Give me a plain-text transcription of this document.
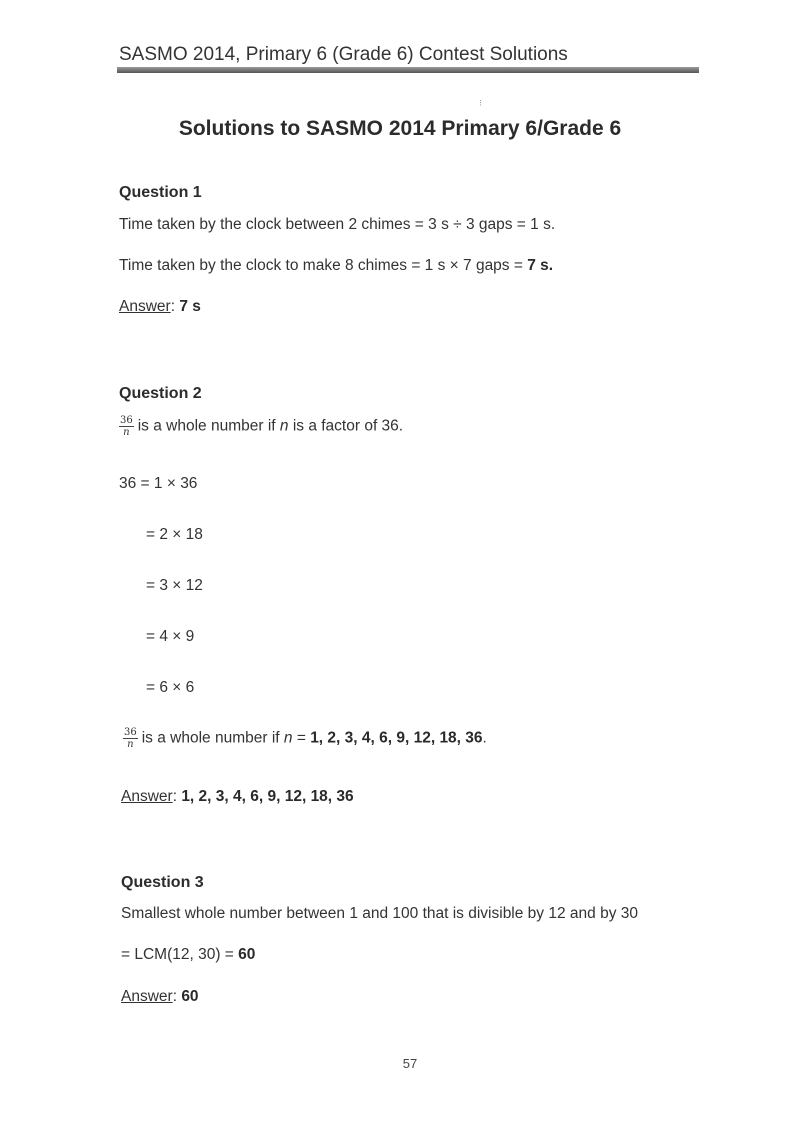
SASMO 2014, Primary 6 (Grade 6) Contest Solutions
⁝
Solutions to SASMO 2014 Primary 6/Grade 6
Question 1
Time taken by the clock between 2 chimes = 3 s ÷ 3 gaps = 1 s.
Time taken by the clock to make 8 chimes = 1 s × 7 gaps = 7 s.
Answer: 7 s
Question 2
$\frac{36}{n}$ is a whole number if n is a factor of 36.
36 = 1 × 36
= 2 × 18
= 3 × 12
= 4 × 9
= 6 × 6
$\frac{36}{n}$ is a whole number if n = 1, 2, 3, 4, 6, 9, 12, 18, 36.
Answer: 1, 2, 3, 4, 6, 9, 12, 18, 36
Question 3
Smallest whole number between 1 and 100 that is divisible by 12 and by 30
= LCM(12, 30) = 60
Answer: 60
57
